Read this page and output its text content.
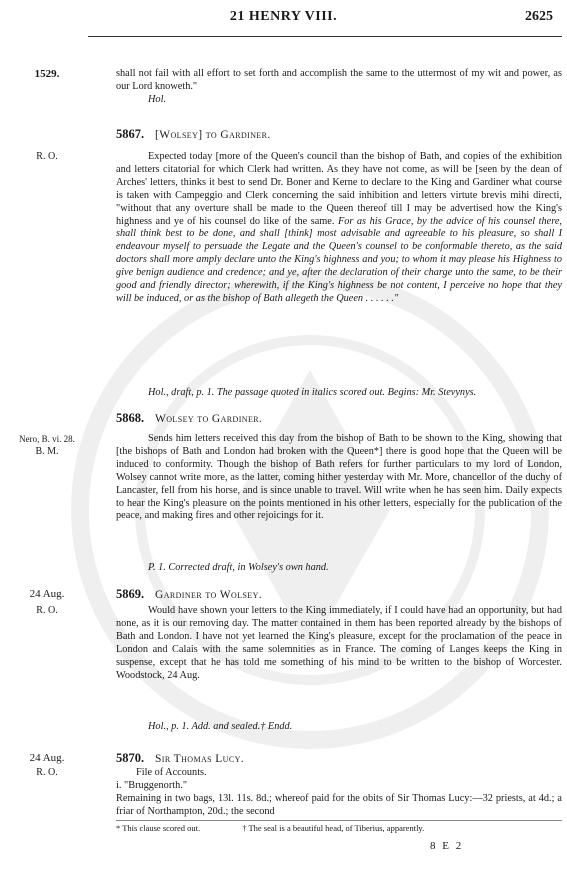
21 HENRY VIII.	2625
1529.	shall not fail with all effort to set forth and accomplish the same to the uttermost of my wit and power, as our Lord knoweth."

Hol.
5867. [Wolsey] to Gardiner.
R. O.	Expected today [more of the Queen's council than the bishop of Bath, and copies of the exhibition and letters citatorial for which Clerk had written. As they have not come, as will be [seen by the dean of Arches' letters, thinks it best to send Dr. Boner and Kerne to declare to the King and Gardiner what course is taken with Campeggio and Clerk concerning the said inhibition and letters virtute brevis mihi directi, "without that any overture shall be made to the Queen thereof till I may be advertised how the King's highness and ye of his counsel do like of the same. For as his Grace, by the advice of his counsel there, shall think best to be done, and shall [think] most advisable and agreeable to his pleasure, so shall I endeavour myself to persuade the Legate and the Queen's counsel to be conformable thereto, as the said doctors shall more amply declare unto the King's highness and you; to whom it may please his Highness to give benign audience and credence; and ye, after the declaration of their charge unto the same, to be their good and friendly director; wherewith, if the King's highness be not content, I perceive no hope that they will be induced, or as the bishop of Bath allegeth the Queen . . . . . ."

Hol., draft, p. 1. The passage quoted in italics scored out. Begins: Mr. Stevynys.

5868. Wolsey to Gardiner.
Nero, B. vi. 28.
B. M.

Sends him letters received this day from the bishop of Bath to be shown to the King, showing that [the bishops of Bath and London had broken with the Queen*] there is good hope that the Queen will be induced to conformity. Though the bishop of Bath refers for further particulars to my lord of London, Wolsey cannot write more, as the latter, coming hither yesterday with Mr. More, chancellor of the duchy of Lancaster, fell from his horse, and is since unable to travel. Will write when he has seen him. Daily expects to hear the King's pleasure on the points mentioned in his other letters, especially for the publication of the peace, and making fires and other rejoicings for it.

P. 1. Corrected draft, in Wolsey's own hand.
24 Aug.	5869. Gardiner to Wolsey.
R. O.	Would have shown your letters to the King immediately, if I could have had an opportunity, but had none, as it is our removing day. The matter contained in them has been reported already by the bishops of Bath and London. I have not yet learned the King's pleasure, except for the proclamation of the peace in London and Calais with the same solemnities as in France. The coming of Langes keeps the King in suspense, except that he has told me something of his mind to be written to the bishop of Worcester. Woodstock, 24 Aug.

Hol., p. 1. Add. and sealed.† Endd.
24 Aug.	5870. Sir Thomas Lucy.
R. O.	File of Accounts.
i. "Bruggenorth."

Remaining in two bags, 13l. 11s. 8d.; whereof paid for the obits of Sir Thomas Lucy:—32 priests, at 4d.; a friar of Northampton, 20d.; the second

* This clause scored out.	† The seal is a beautiful head, of Tiberius, apparently.
8 E 2
